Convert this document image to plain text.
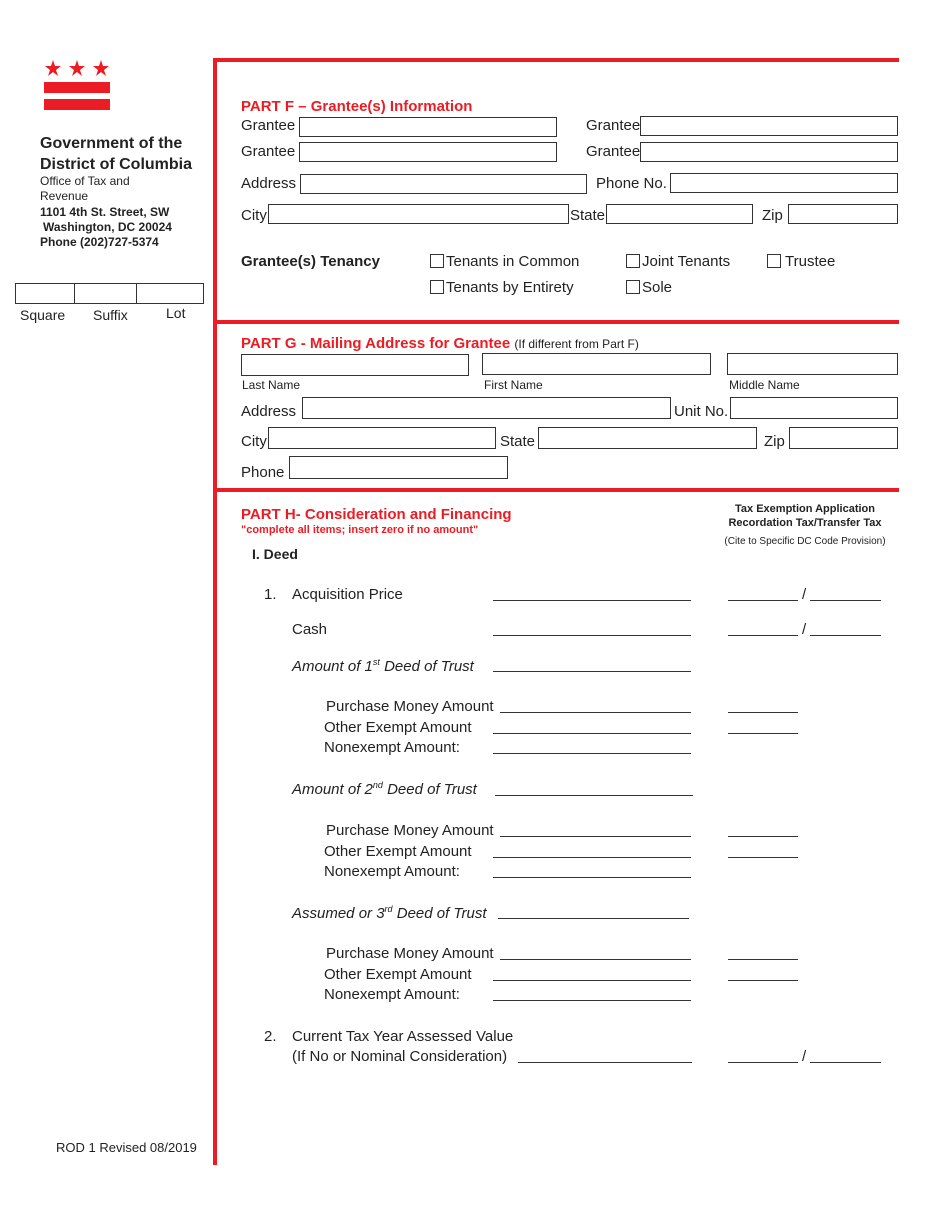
Government of the
District of Columbia
Office of Tax and
Revenue
1101 4th St. Street, SW
Washington, DC 20024
Phone (202)727-5374
Square Suffix	Lot
ROD 1 Revised 08/2019
PART F – Grantee(s) Information
Grantee	Grantee
Grantee	Grantee
Address	Phone No.
City	State	Zip
Grantee(s) Tenancy	Tenants in Common	Joint Tenants	Trustee
Tenants by Entirety	Sole
PART G - Mailing Address for Grantee (If different from Part F)
Last Name	First Name	Middle Name
Address	Unit No.
City	State	Zip
Phone
PART H- Consideration and Financing
"complete all items; insert zero if no amount"
Tax Exemption Application
Recordation Tax/Transfer Tax
(Cite to Specific DC Code Provision)
I. Deed
1. Acquisition Price	/
Cash	/
Amount of 1st Deed of Trust
Purchase Money Amount
Other Exempt Amount
Nonexempt Amount:
Amount of 2nd Deed of Trust
Purchase Money Amount
Other Exempt Amount
Nonexempt Amount:
Assumed or 3rd Deed of Trust
Purchase Money Amount
Other Exempt Amount
Nonexempt Amount:
2. Current Tax Year Assessed Value
(If No or Nominal Consideration)	/
